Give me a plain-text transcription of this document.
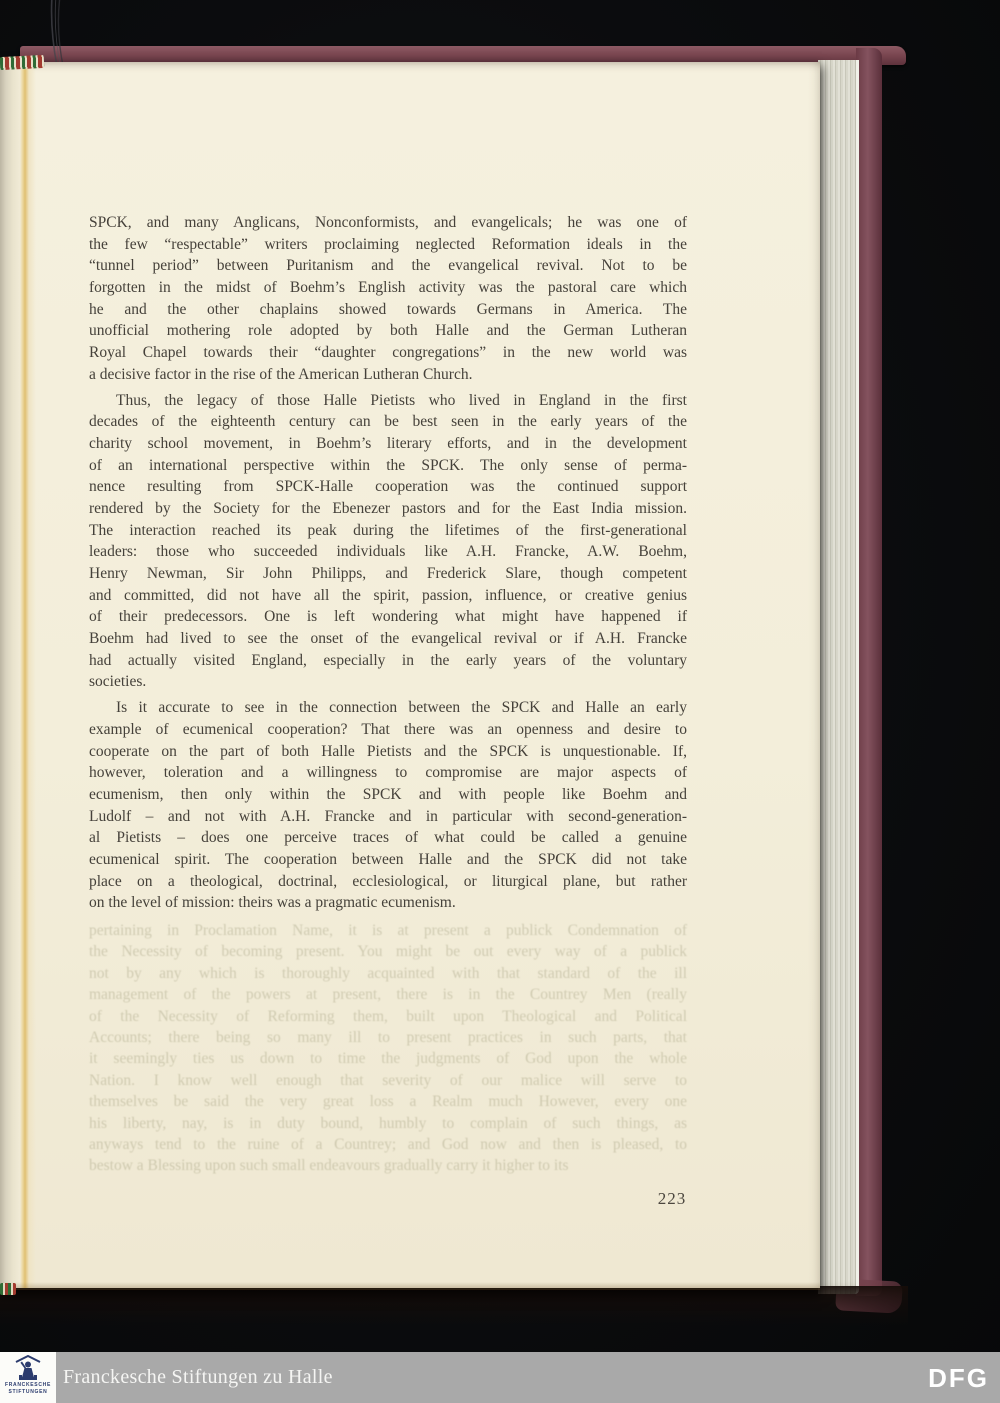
SPCK, and many Anglicans, Nonconformists, and evangelicals; he was one of
the few “respectable” writers proclaiming neglected Reformation ideals in the
“tunnel period” between Puritanism and the evangelical revival. Not to be
forgotten in the midst of Boehm’s English activity was the pastoral care which
he and the other chaplains showed towards Germans in America. The
unofficial mothering role adopted by both Halle and the German Lutheran
Royal Chapel towards their “daughter congregations” in the new world was
a decisive factor in the rise of the American Lutheran Church.
Thus, the legacy of those Halle Pietists who lived in England in the first
decades of the eighteenth century can be best seen in the early years of the
charity school movement, in Boehm’s literary efforts, and in the development
of an international perspective within the SPCK. The only sense of perma-
nence resulting from SPCK-Halle cooperation was the continued support
rendered by the Society for the Ebenezer pastors and for the East India mission.
The interaction reached its peak during the lifetimes of the first-generational
leaders: those who succeeded individuals like A.H. Francke, A.W. Boehm,
Henry Newman, Sir John Philipps, and Frederick Slare, though competent
and committed, did not have all the spirit, passion, influence, or creative genius
of their predecessors. One is left wondering what might have happened if
Boehm had lived to see the onset of the evangelical revival or if A.H. Francke
had actually visited England, especially in the early years of the voluntary
societies.
Is it accurate to see in the connection between the SPCK and Halle an early
example of ecumenical cooperation? That there was an openness and desire to
cooperate on the part of both Halle Pietists and the SPCK is unquestionable. If,
however, toleration and a willingness to compromise are major aspects of
ecumenism, then only within the SPCK and with people like Boehm and
Ludolf – and not with A.H. Francke and in particular with second-generation-
al Pietists – does one perceive traces of what could be called a genuine
ecumenical spirit. The cooperation between Halle and the SPCK did not take
place on a theological, doctrinal, ecclesiological, or liturgical plane, but rather
on the level of mission: theirs was a pragmatic ecumenism.
pertaining in Proclamation Name, it is at present a publick Condemnation of
the Necessity of becoming present. You might be out every way of a publick
not by any which is thoroughly acquainted with that standard of the ill
management of the powers at present, there is in the Countrey Men (really
of the Necessity of Reforming them, built upon Theological and Political
Accounts; there being so many ill to present practices in such parts, that
it seemingly ties us down to time the judgments of God upon the whole
Nation. I know well enough that severity of our malice will serve to
themselves be said the very great loss a Realm much However, every one
his liberty, nay, is in duty bound, humbly to complain of such things, as
anyways tend to the ruine of a Countrey; and God now and then is pleased, to
bestow a Blessing upon such small endeavours gradually carry it higher to its
223
FRANCKESCHE
STIFTUNGEN
Franckesche Stiftungen zu Halle	DFG
